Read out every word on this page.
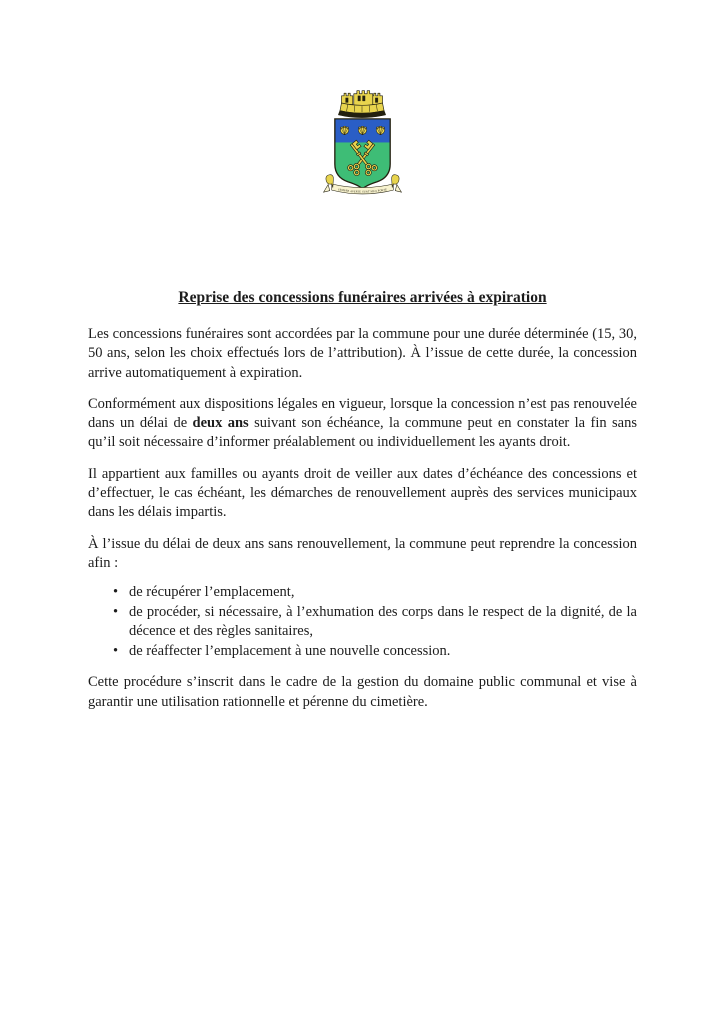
SEMPER APERTE SUNT MEA PORTE
Reprise des concessions funéraires arrivées à expiration

Les concessions funéraires sont accordées par la commune pour une durée déterminée (15, 30, 50 ans, selon les choix effectués lors de l’attribution). À l’issue de cette durée, la concession arrive automatiquement à expiration.

Conformément aux dispositions légales en vigueur, lorsque la concession n’est pas renouvelée dans un délai de deux ans suivant son échéance, la commune peut en constater la fin sans qu’il soit nécessaire d’informer préalablement ou individuellement les ayants droit.

Il appartient aux familles ou ayants droit de veiller aux dates d’échéance des concessions et d’effectuer, le cas échéant, les démarches de renouvellement auprès des services municipaux dans les délais impartis.

À l’issue du délai de deux ans sans renouvellement, la commune peut reprendre la concession afin :

• de récupérer l’emplacement,
• de procéder, si nécessaire, à l’exhumation des corps dans le respect de la dignité, de la décence et des règles sanitaires,
• de réaffecter l’emplacement à une nouvelle concession.

Cette procédure s’inscrit dans le cadre de la gestion du domaine public communal et vise à garantir une utilisation rationnelle et pérenne du cimetière.
